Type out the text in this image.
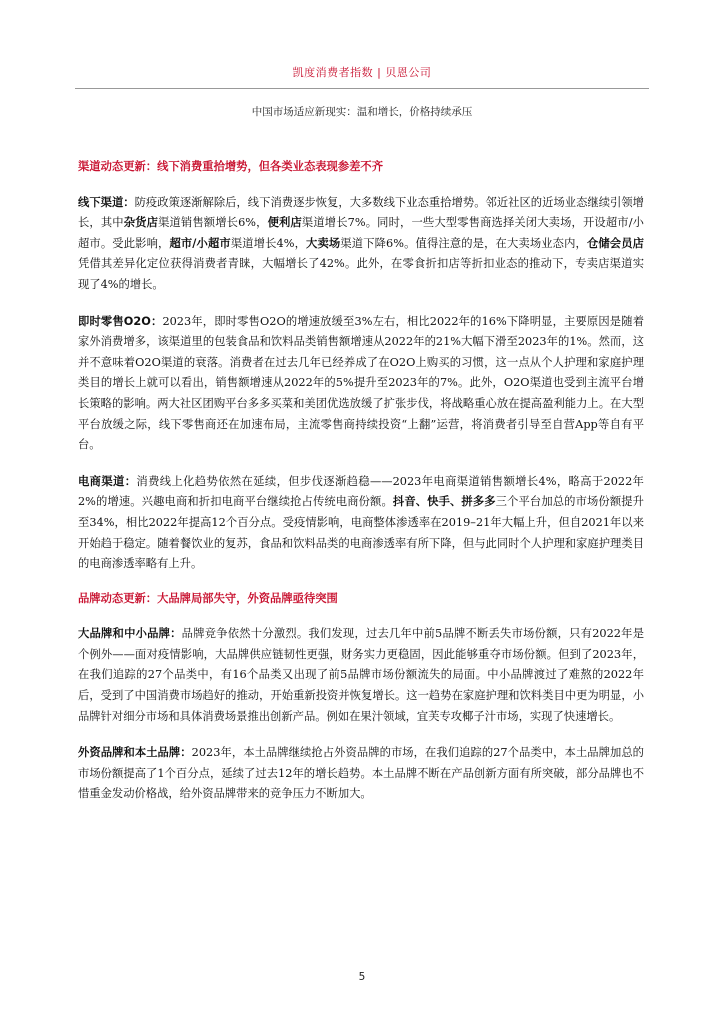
凯度消费者指数 | 贝恩公司
中国市场适应新现实：温和增长，价格持续承压
渠道动态更新：线下消费重拾增势，但各类业态表现参差不齐

线下渠道：防疫政策逐渐解除后，线下消费逐步恢复，大多数线下业态重拾增势。邻近社区的近场业态继续引领增长，其中杂货店渠道销售额增长6%，便利店渠道增长7%。同时，一些大型零售商选择关闭大卖场，开设超市/小超市。受此影响，超市/小超市渠道增长4%，大卖场渠道下降6%。值得注意的是，在大卖场业态内，仓储会员店凭借其差异化定位获得消费者青睐，大幅增长了42%。此外，在零食折扣店等折扣业态的推动下，专卖店渠道实现了4%的增长。

即时零售O2O：2023年，即时零售O2O的增速放缓至3%左右，相比2022年的16%下降明显，主要原因是随着家外消费增多，该渠道里的包装食品和饮料品类销售额增速从2022年的21%大幅下滑至2023年的1%。然而，这并不意味着O2O渠道的衰落。消费者在过去几年已经养成了在O2O上购买的习惯，这一点从个人护理和家庭护理类目的增长上就可以看出，销售额增速从2022年的5%提升至2023年的7%。此外，O2O渠道也受到主流平台增长策略的影响。两大社区团购平台多多买菜和美团优选放缓了扩张步伐，将战略重心放在提高盈利能力上。在大型平台放缓之际，线下零售商还在加速布局，主流零售商持续投资“上翻”运营，将消费者引导至自营App等自有平台。

电商渠道：消费线上化趋势依然在延续，但步伐逐渐趋稳——2023年电商渠道销售额增长4%，略高于2022年2%的增速。兴趣电商和折扣电商平台继续抢占传统电商份额。抖音、快手、拼多多三个平台加总的市场份额提升至34%，相比2022年提高12个百分点。受疫情影响，电商整体渗透率在2019–21年大幅上升，但自2021年以来开始趋于稳定。随着餐饮业的复苏，食品和饮料品类的电商渗透率有所下降，但与此同时个人护理和家庭护理类目的电商渗透率略有上升。

品牌动态更新：大品牌局部失守，外资品牌亟待突围

大品牌和中小品牌：品牌竞争依然十分激烈。我们发现，过去几年中前5品牌不断丢失市场份额，只有2022年是个例外——面对疫情影响，大品牌供应链韧性更强，财务实力更稳固，因此能够重夺市场份额。但到了2023年，在我们追踪的27个品类中，有16个品类又出现了前5品牌市场份额流失的局面。中小品牌渡过了难熬的2022年后，受到了中国消费市场趋好的推动，开始重新投资并恢复增长。这一趋势在家庭护理和饮料类目中更为明显，小品牌针对细分市场和具体消费场景推出创新产品。例如在果汁领域，宜芙专攻椰子汁市场，实现了快速增长。

外资品牌和本土品牌：2023年，本土品牌继续抢占外资品牌的市场，在我们追踪的27个品类中，本土品牌加总的市场份额提高了1个百分点，延续了过去12年的增长趋势。本土品牌不断在产品创新方面有所突破，部分品牌也不惜重金发动价格战，给外资品牌带来的竞争压力不断加大。

5
